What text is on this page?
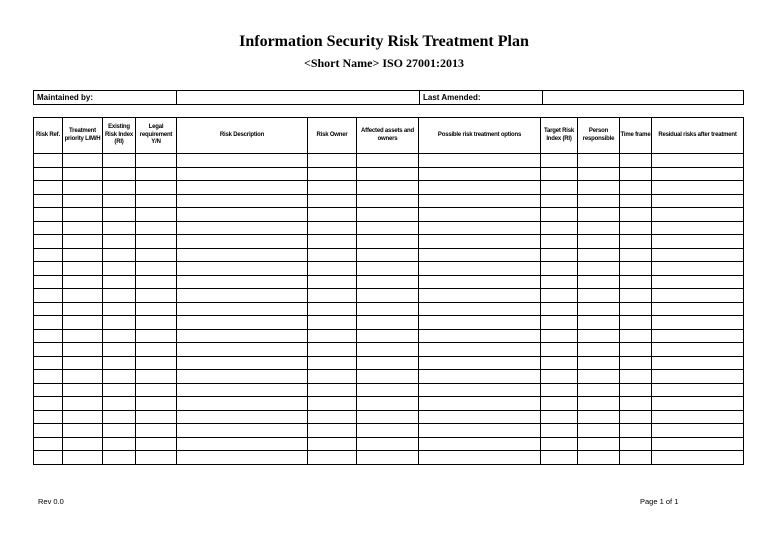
Information Security Risk Treatment Plan
<Short Name> ISO 27001:2013
Maintained by:		Last Amended:	
Risk Ref.	Treatment priority L/M/H	Existing Risk Index (RI)	Legal requirement Y/N	Risk Description	Risk Owner	Affected assets and owners	Possible risk treatment options	Target Risk Index (RI)	Person responsible	Time frame	Residual risks after treatment

Rev 0.0	Page 1 of 1
